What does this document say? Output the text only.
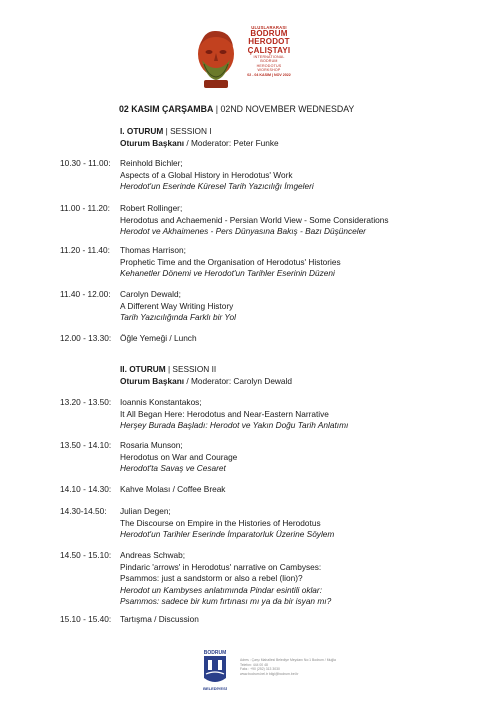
ULUSLARARASI
BODRUM
HERODOT
ÇALIŞTAYI
INTERNATIONAL
BODRUM
HERODOTUS
WORKSHOP
02 - 04 KASIM | NOV 2022
02 KASIM ÇARŞAMBA | 02ND NOVEMBER WEDNESDAY
I. OTURUM | SESSION I
Oturum Başkanı / Moderator: Peter Funke
10.30 - 11.00: Reinhold Bichler;
Aspects of a Global History in Herodotus' Work
Herodot'un Eserinde Küresel Tarih Yazıcılığı İmgeleri
11.00 - 11.20: Robert Rollinger;
Herodotus and Achaemenid - Persian World View - Some Considerations
Herodot ve Akhaimenes - Pers Dünyasına Bakış - Bazı Düşünceler
11.20 - 11.40: Thomas Harrison;
Prophetic Time and the Organisation of Herodotus' Histories
Kehanetler Dönemi ve Herodot'un Tarihler Eserinin Düzeni
11.40 - 12.00: Carolyn Dewald;
A Different Way Writing History
Tarih Yazıcılığında Farklı bir Yol
12.00 - 13.30: Öğle Yemeği / Lunch
II. OTURUM | SESSION II
Oturum Başkanı / Moderator: Carolyn Dewald
13.20 - 13.50: Ioannis Konstantakos;
It All Began Here: Herodotus and Near-Eastern Narrative
Herşey Burada Başladı: Herodot ve Yakın Doğu Tarih Anlatımı
13.50 - 14.10: Rosaria Munson;
Herodotus on War and Courage
Herodot'ta Savaş ve Cesaret
14.10 - 14.30: Kahve Molası / Coffee Break
14.30-14.50: Julian Degen;
The Discourse on Empire in the Histories of Herodotus
Herodot'un Tarihler Eserinde İmparatorluk Üzerine Söylem
14.50 - 15.10: Andreas Schwab;
Pindaric 'arrows' in Herodotus' narrative on Cambyses:
Psammos: just a sandstorm or also a rebel (lion)?
Herodot un Kambyses anlatımında Pindar esintili oklar:
Psammos: sadece bir kum fırtınası mı ya da bir isyan mı?
15.10 - 15.40: Tartışma / Discussion
BODRUM
BELEDİYESİ
Adres : Çarşı Mahallesi Belediye Meydanı No:1 Bodrum / Muğla
Telefon: 444 00 48
Faks : +90 (252) 313 3030
www.bodrum.bel.tr bilgi@bodrum.bel.tr
